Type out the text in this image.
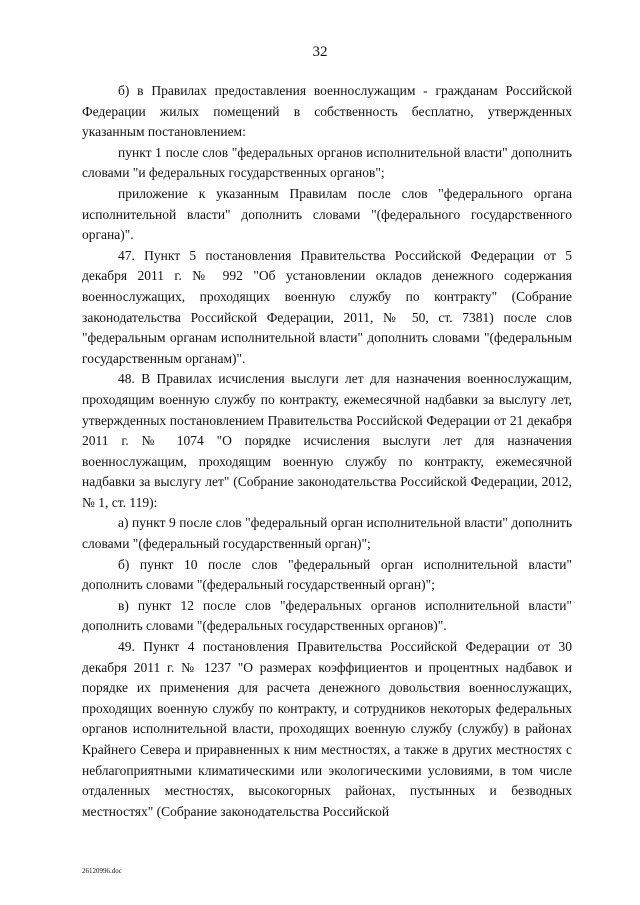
32

б) в Правилах предоставления военнослужащим - гражданам Российской Федерации жилых помещений в собственность бесплатно, утвержденных указанным постановлением:

пункт 1 после слов "федеральных органов исполнительной власти" дополнить словами "и федеральных государственных органов";

приложение к указанным Правилам после слов "федерального органа исполнительной власти" дополнить словами "(федерального государственного органа)".

47. Пункт 5 постановления Правительства Российской Федерации от 5 декабря 2011 г. № 992 "Об установлении окладов денежного содержания военнослужащих, проходящих военную службу по контракту" (Собрание законодательства Российской Федерации, 2011, № 50, ст. 7381) после слов "федеральным органам исполнительной власти" дополнить словами "(федеральным государственным органам)".

48. В Правилах исчисления выслуги лет для назначения военнослужащим, проходящим военную службу по контракту, ежемесячной надбавки за выслугу лет, утвержденных постановлением Правительства Российской Федерации от 21 декабря 2011 г. № 1074 "О порядке исчисления выслуги лет для назначения военнослужащим, проходящим военную службу по контракту, ежемесячной надбавки за выслугу лет" (Собрание законодательства Российской Федерации, 2012, № 1, ст. 119):

а) пункт 9 после слов "федеральный орган исполнительной власти" дополнить словами "(федеральный государственный орган)";

б) пункт 10 после слов "федеральный орган исполнительной власти" дополнить словами "(федеральный государственный орган)";

в) пункт 12 после слов "федеральных органов исполнительной власти" дополнить словами "(федеральных государственных органов)".

49. Пункт 4 постановления Правительства Российской Федерации от 30 декабря 2011 г. № 1237 "О размерах коэффициентов и процентных надбавок и порядке их применения для расчета денежного довольствия военнослужащих, проходящих военную службу по контракту, и сотрудников некоторых федеральных органов исполнительной власти, проходящих военную службу (службу) в районах Крайнего Севера и приравненных к ним местностях, а также в других местностях с неблагоприятными климатическими или экологическими условиями, в том числе отдаленных местностях, высокогорных районах, пустынных и безводных местностях" (Собрание законодательства Российской

26120996.doc
